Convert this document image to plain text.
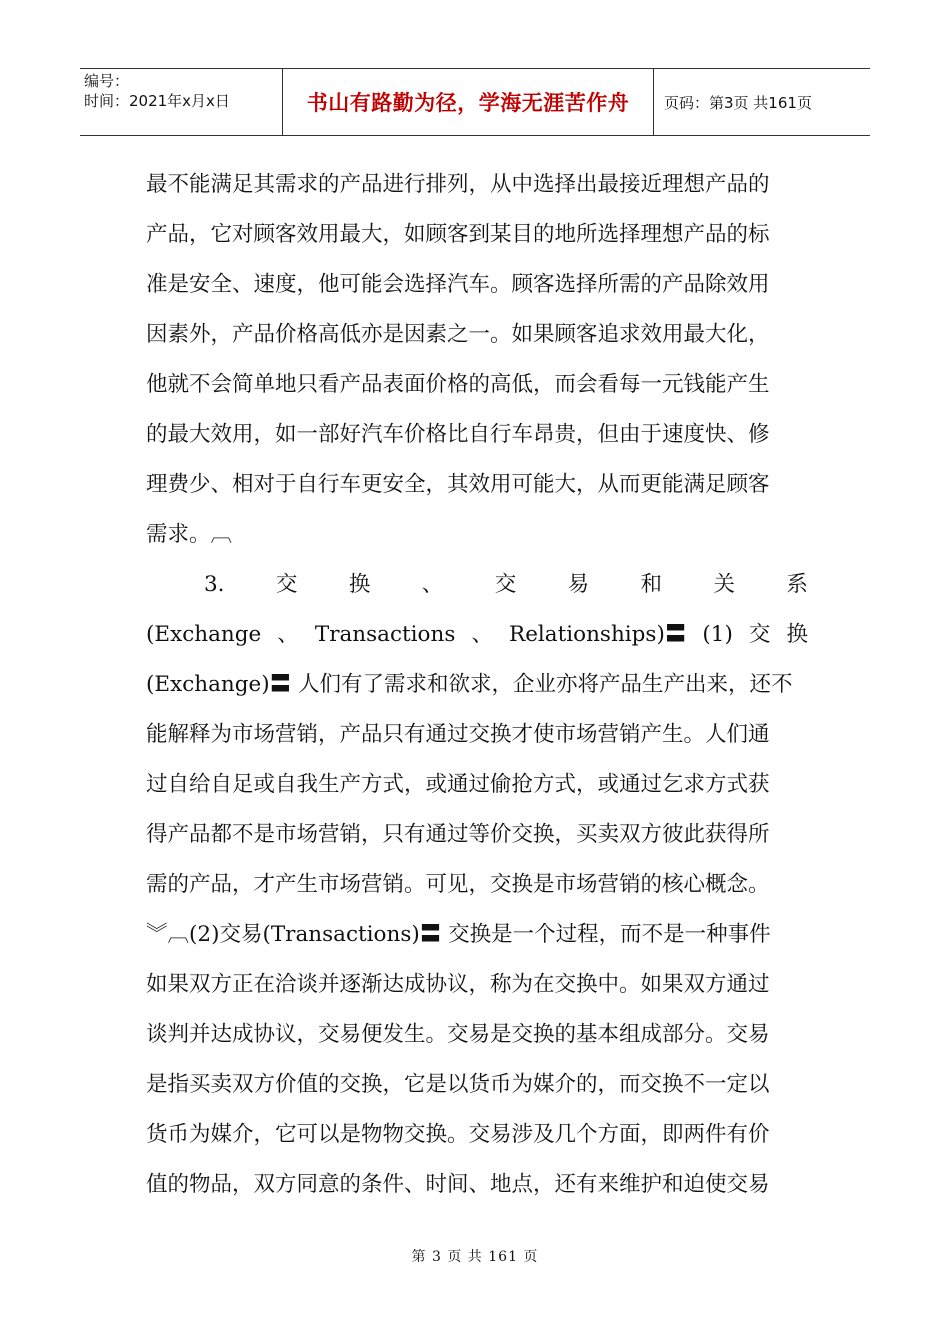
编号：
时间：2021年x月x日	书山有路勤为径，学海无涯苦作舟	页码：第3页 共161页
最不能满足其需求的产品进行排列，从中选择出最接近理想产品的
产品，它对顾客效用最大，如顾客到某目的地所选择理想产品的标
准是安全、速度，他可能会选择汽车。顾客选择所需的产品除效用
因素外，产品价格高低亦是因素之一。如果顾客追求效用最大化，
他就不会简单地只看产品表面价格的高低，而会看每一元钱能产生
的最大效用，如一部好汽车价格比自行车昂贵，但由于速度快、修
理费少、相对于自行车更安全，其效用可能大，从而更能满足顾客
需求。︹
3. 交 换 、 交 易 和 关 系
(Exchange 、 Transactions 、 Relationships)〓 (1) 交 换
(Exchange)〓 人们有了需求和欲求，企业亦将产品生产出来，还不
能解释为市场营销，产品只有通过交换才使市场营销产生。人们通
过自给自足或自我生产方式，或通过偷抢方式，或通过乞求方式获
得产品都不是市场营销，只有通过等价交换，买卖双方彼此获得所
需的产品，才产生市场营销。可见，交换是市场营销的核心概念。
︾︹(2)交易(Transactions)〓 交换是一个过程，而不是一种事件
如果双方正在洽谈并逐渐达成协议，称为在交换中。如果双方通过
谈判并达成协议，交易便发生。交易是交换的基本组成部分。交易
是指买卖双方价值的交换，它是以货币为媒介的，而交换不一定以
货币为媒介，它可以是物物交换。交易涉及几个方面，即两件有价
值的物品，双方同意的条件、时间、地点，还有来维护和迫使交易
第 3 页 共 161 页
